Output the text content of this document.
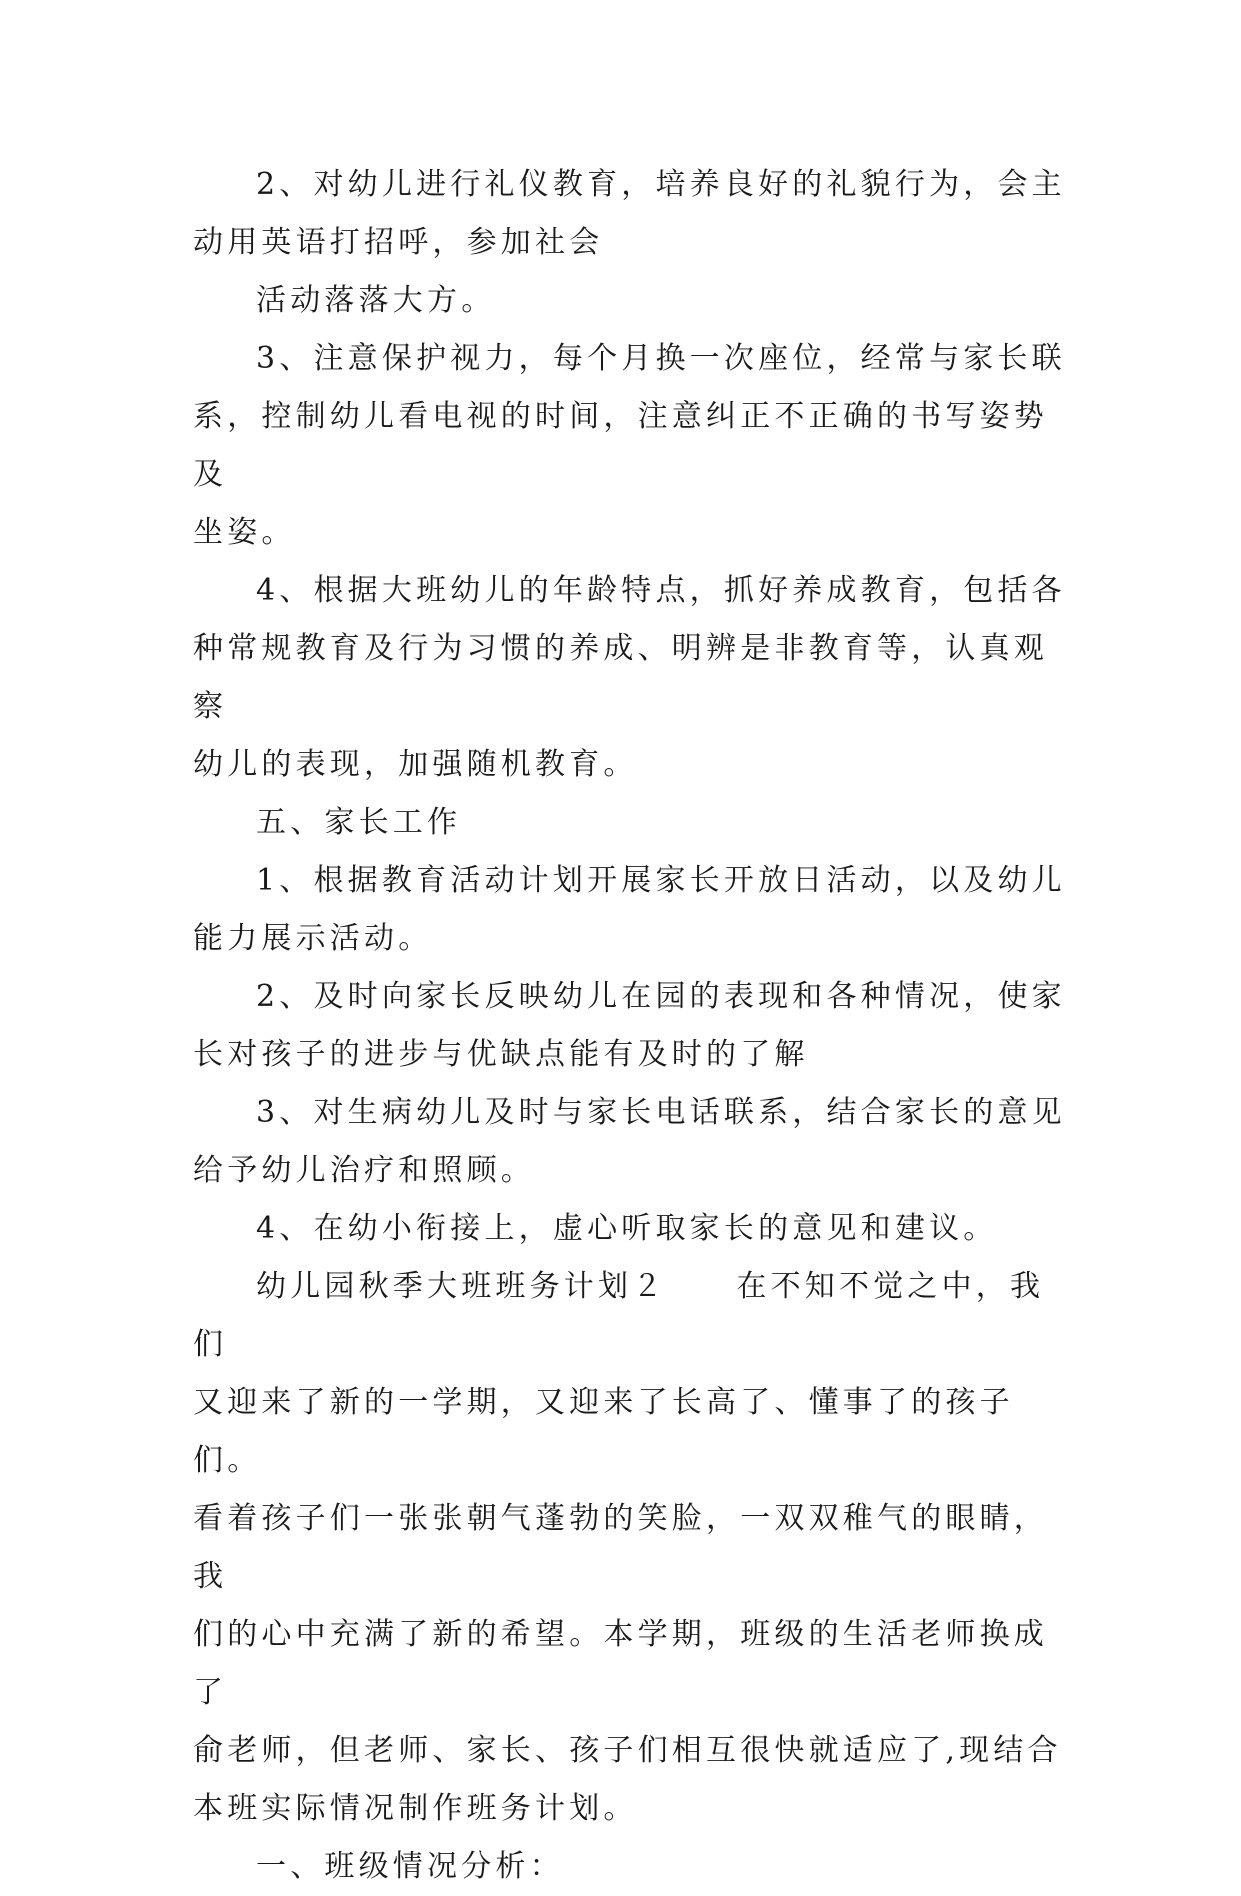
2、对幼儿进行礼仪教育，培养良好的礼貌行为，会主
动用英语打招呼，参加社会

活动落落大方。

3、注意保护视力，每个月换一次座位，经常与家长联
系，控制幼儿看电视的时间，注意纠正不正确的书写姿势及
坐姿。

4、根据大班幼儿的年龄特点，抓好养成教育，包括各
种常规教育及行为习惯的养成、明辨是非教育等，认真观察
幼儿的表现，加强随机教育。

五、家长工作

1、根据教育活动计划开展家长开放日活动，以及幼儿
能力展示活动。

2、及时向家长反映幼儿在园的表现和各种情况，使家
长对孩子的进步与优缺点能有及时的了解

3、对生病幼儿及时与家长电话联系，结合家长的意见
给予幼儿治疗和照顾。

4、在幼小衔接上，虚心听取家长的意见和建议。

幼儿园秋季大班班务计划２ 在不知不觉之中，我们
又迎来了新的一学期，又迎来了长高了、懂事了的孩子们。
看着孩子们一张张朝气蓬勃的笑脸，一双双稚气的眼睛，我
们的心中充满了新的希望。本学期，班级的生活老师换成了
俞老师，但老师、家长、孩子们相互很快就适应了,现结合
本班实际情况制作班务计划。

一、班级情况分析：
